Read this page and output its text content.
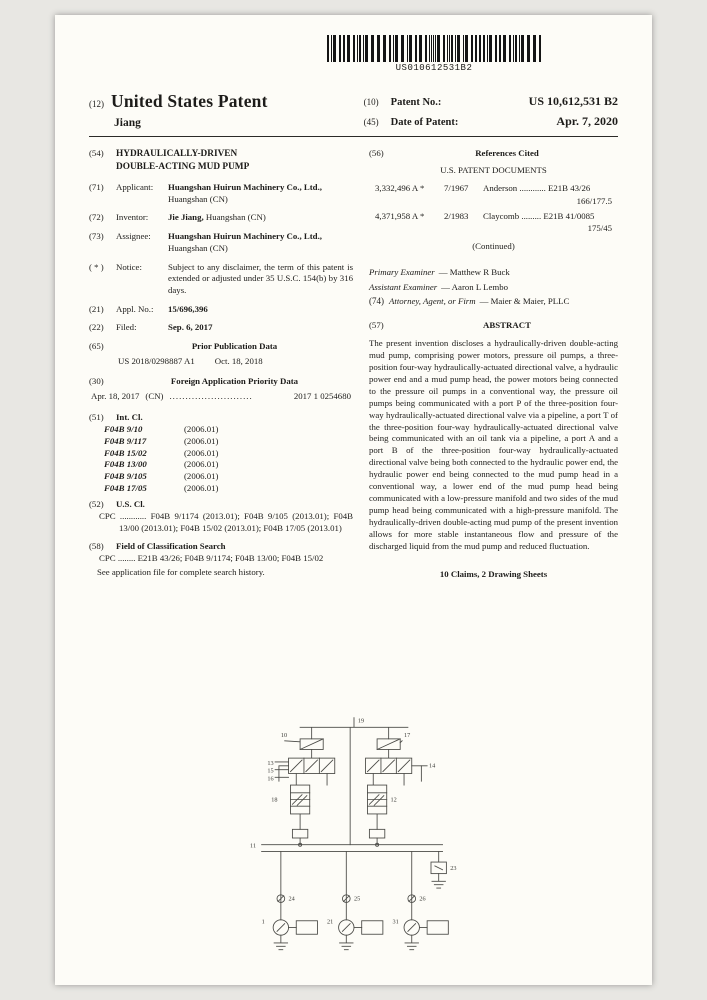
US010612531B2
(12) United States Patent
Jiang
(10)	Patent No.:	US 10,612,531 B2
(45)	Date of Patent:	Apr. 7, 2020
(54)	HYDRAULICALLY-DRIVEN
DOUBLE-ACTING MUD PUMP
(71)	Applicant:	Huangshan Huirun Machinery Co., Ltd., Huangshan (CN)
(72)	Inventor:	Jie Jiang, Huangshan (CN)
(73)	Assignee:	Huangshan Huirun Machinery Co., Ltd., Huangshan (CN)
( * )	Notice:	Subject to any disclaimer, the term of this patent is extended or adjusted under 35 U.S.C. 154(b) by 316 days.
(21)	Appl. No.:	15/696,396
(22)	Filed:	Sep. 6, 2017
(65)	Prior Publication Data
US 2018/0298887 A1 Oct. 18, 2018
(30)	Foreign Application Priority Data
Apr. 18, 2017 (CN) ..........................	2017 1 0254680
(51)	Int. Cl.
F04B 9/10	(2006.01)
F04B 9/117	(2006.01)
F04B 15/02	(2006.01)
F04B 13/00	(2006.01)
F04B 9/105	(2006.01)
F04B 17/05	(2006.01)
(52)	U.S. Cl.
CPC ............ F04B 9/1174 (2013.01); F04B 9/105 (2013.01); F04B 13/00 (2013.01); F04B 15/02 (2013.01); F04B 17/05 (2013.01)
(58)	Field of Classification Search
CPC ........ E21B 43/26; F04B 9/1174; F04B 13/00; F04B 15/02
See application file for complete search history.
(56)	References Cited
U.S. PATENT DOCUMENTS
3,332,496 A *	7/1967	Anderson ............ E21B 43/26
166/177.5
4,371,958 A *	2/1983	Claycomb ......... E21B 41/0085
175/45
(Continued)
Primary Examiner — Matthew R Buck
Assistant Examiner — Aaron L Lembo
(74) Attorney, Agent, or Firm — Maier & Maier, PLLC
(57)	ABSTRACT
The present invention discloses a hydraulically-driven double-acting mud pump, comprising power motors, pressure oil pumps, a three-position four-way hydraulically-actuated directional valve, a hydraulic power end and a mud pump head, the power motors being connected to the pressure oil pumps in a conventional way, the pressure oil pumps being communicated with a port P of the three-position four-way hydraulically-actuated directional valve via a pipeline, a port T of the three-position four-way hydraulically-actuated directional valve being communicated with an oil tank via a pipeline, a port A and a port B of the three-position four-way hydraulically-actuated directional valve being both connected to the hydraulic power end, the hydraulic power end being connected to the mud pump head in a conventional way, a lower end of the mud pump head being communicated with a low-pressure manifold and two sides of the mud pump head being communicated with a high-pressure manifold. The hydraulically-driven double-acting mud pump of the present invention allows for more stable instantaneous flow and pressure of the discharged liquid from the mud pump and reduced fluctuation.
10 Claims, 2 Drawing Sheets
19
10	17
13
15
16
14
18	12
11
23
24	25	26
1	21	31
